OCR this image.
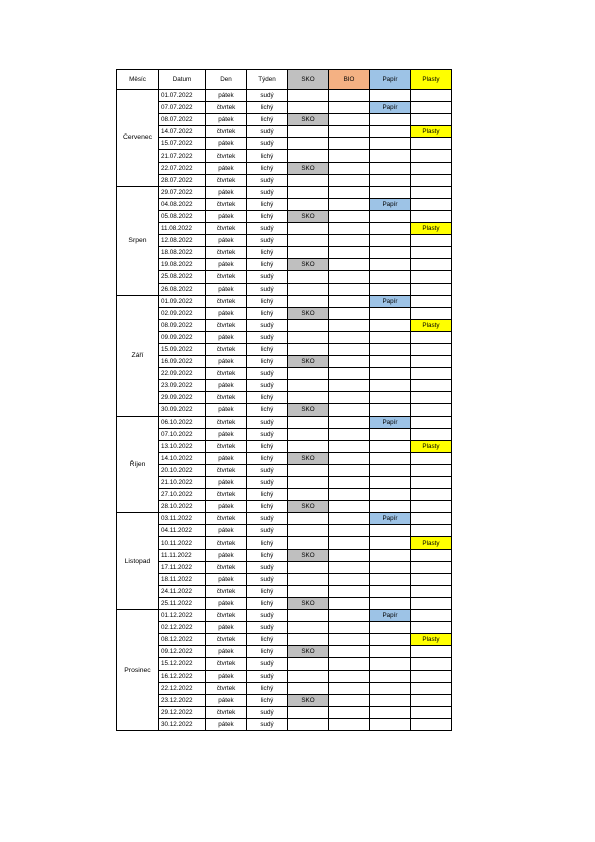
Měsíc	Datum	Den	Týden	SKO	BIO	Papír	Plasty
Červenec	01.07.2022	pátek	sudý				
	07.07.2022	čtvrtek	lichý			Papír	
	08.07.2022	pátek	lichý	SKO			
	14.07.2022	čtvrtek	sudý				Plasty
	15.07.2022	pátek	sudý				
	21.07.2022	čtvrtek	lichý				
	22.07.2022	pátek	lichý	SKO			
	28.07.2022	čtvrtek	sudý				
Srpen	29.07.2022	pátek	sudý				
	04.08.2022	čtvrtek	lichý			Papír	
	05.08.2022	pátek	lichý	SKO			
	11.08.2022	čtvrtek	sudý				Plasty
	12.08.2022	pátek	sudý				
	18.08.2022	čtvrtek	lichý				
	19.08.2022	pátek	lichý	SKO			
	25.08.2022	čtvrtek	sudý				
	26.08.2022	pátek	sudý				
Září	01.09.2022	čtvrtek	lichý			Papír	
	02.09.2022	pátek	lichý	SKO			
	08.09.2022	čtvrtek	sudý				Plasty
	09.09.2022	pátek	sudý				
	15.09.2022	čtvrtek	lichý				
	16.09.2022	pátek	lichý	SKO			
	22.09.2022	čtvrtek	sudý				
	23.09.2022	pátek	sudý				
	29.09.2022	čtvrtek	lichý				
	30.09.2022	pátek	lichý	SKO			
Říjen	06.10.2022	čtvrtek	sudý			Papír	
	07.10.2022	pátek	sudý				
	13.10.2022	čtvrtek	lichý				Plasty
	14.10.2022	pátek	lichý	SKO			
	20.10.2022	čtvrtek	sudý				
	21.10.2022	pátek	sudý				
	27.10.2022	čtvrtek	lichý				
	28.10.2022	pátek	lichý	SKO			
Listopad	03.11.2022	čtvrtek	sudý			Papír	
	04.11.2022	pátek	sudý				
	10.11.2022	čtvrtek	lichý				Plasty
	11.11.2022	pátek	lichý	SKO			
	17.11.2022	čtvrtek	sudý				
	18.11.2022	pátek	sudý				
	24.11.2022	čtvrtek	lichý				
	25.11.2022	pátek	lichý	SKO			
Prosinec	01.12.2022	čtvrtek	sudý			Papír	
	02.12.2022	pátek	sudý				
	08.12.2022	čtvrtek	lichý				Plasty
	09.12.2022	pátek	lichý	SKO			
	15.12.2022	čtvrtek	sudý				
	16.12.2022	pátek	sudý				
	22.12.2022	čtvrtek	lichý				
	23.12.2022	pátek	lichý	SKO			
	29.12.2022	čtvrtek	sudý				
	30.12.2022	pátek	sudý				
